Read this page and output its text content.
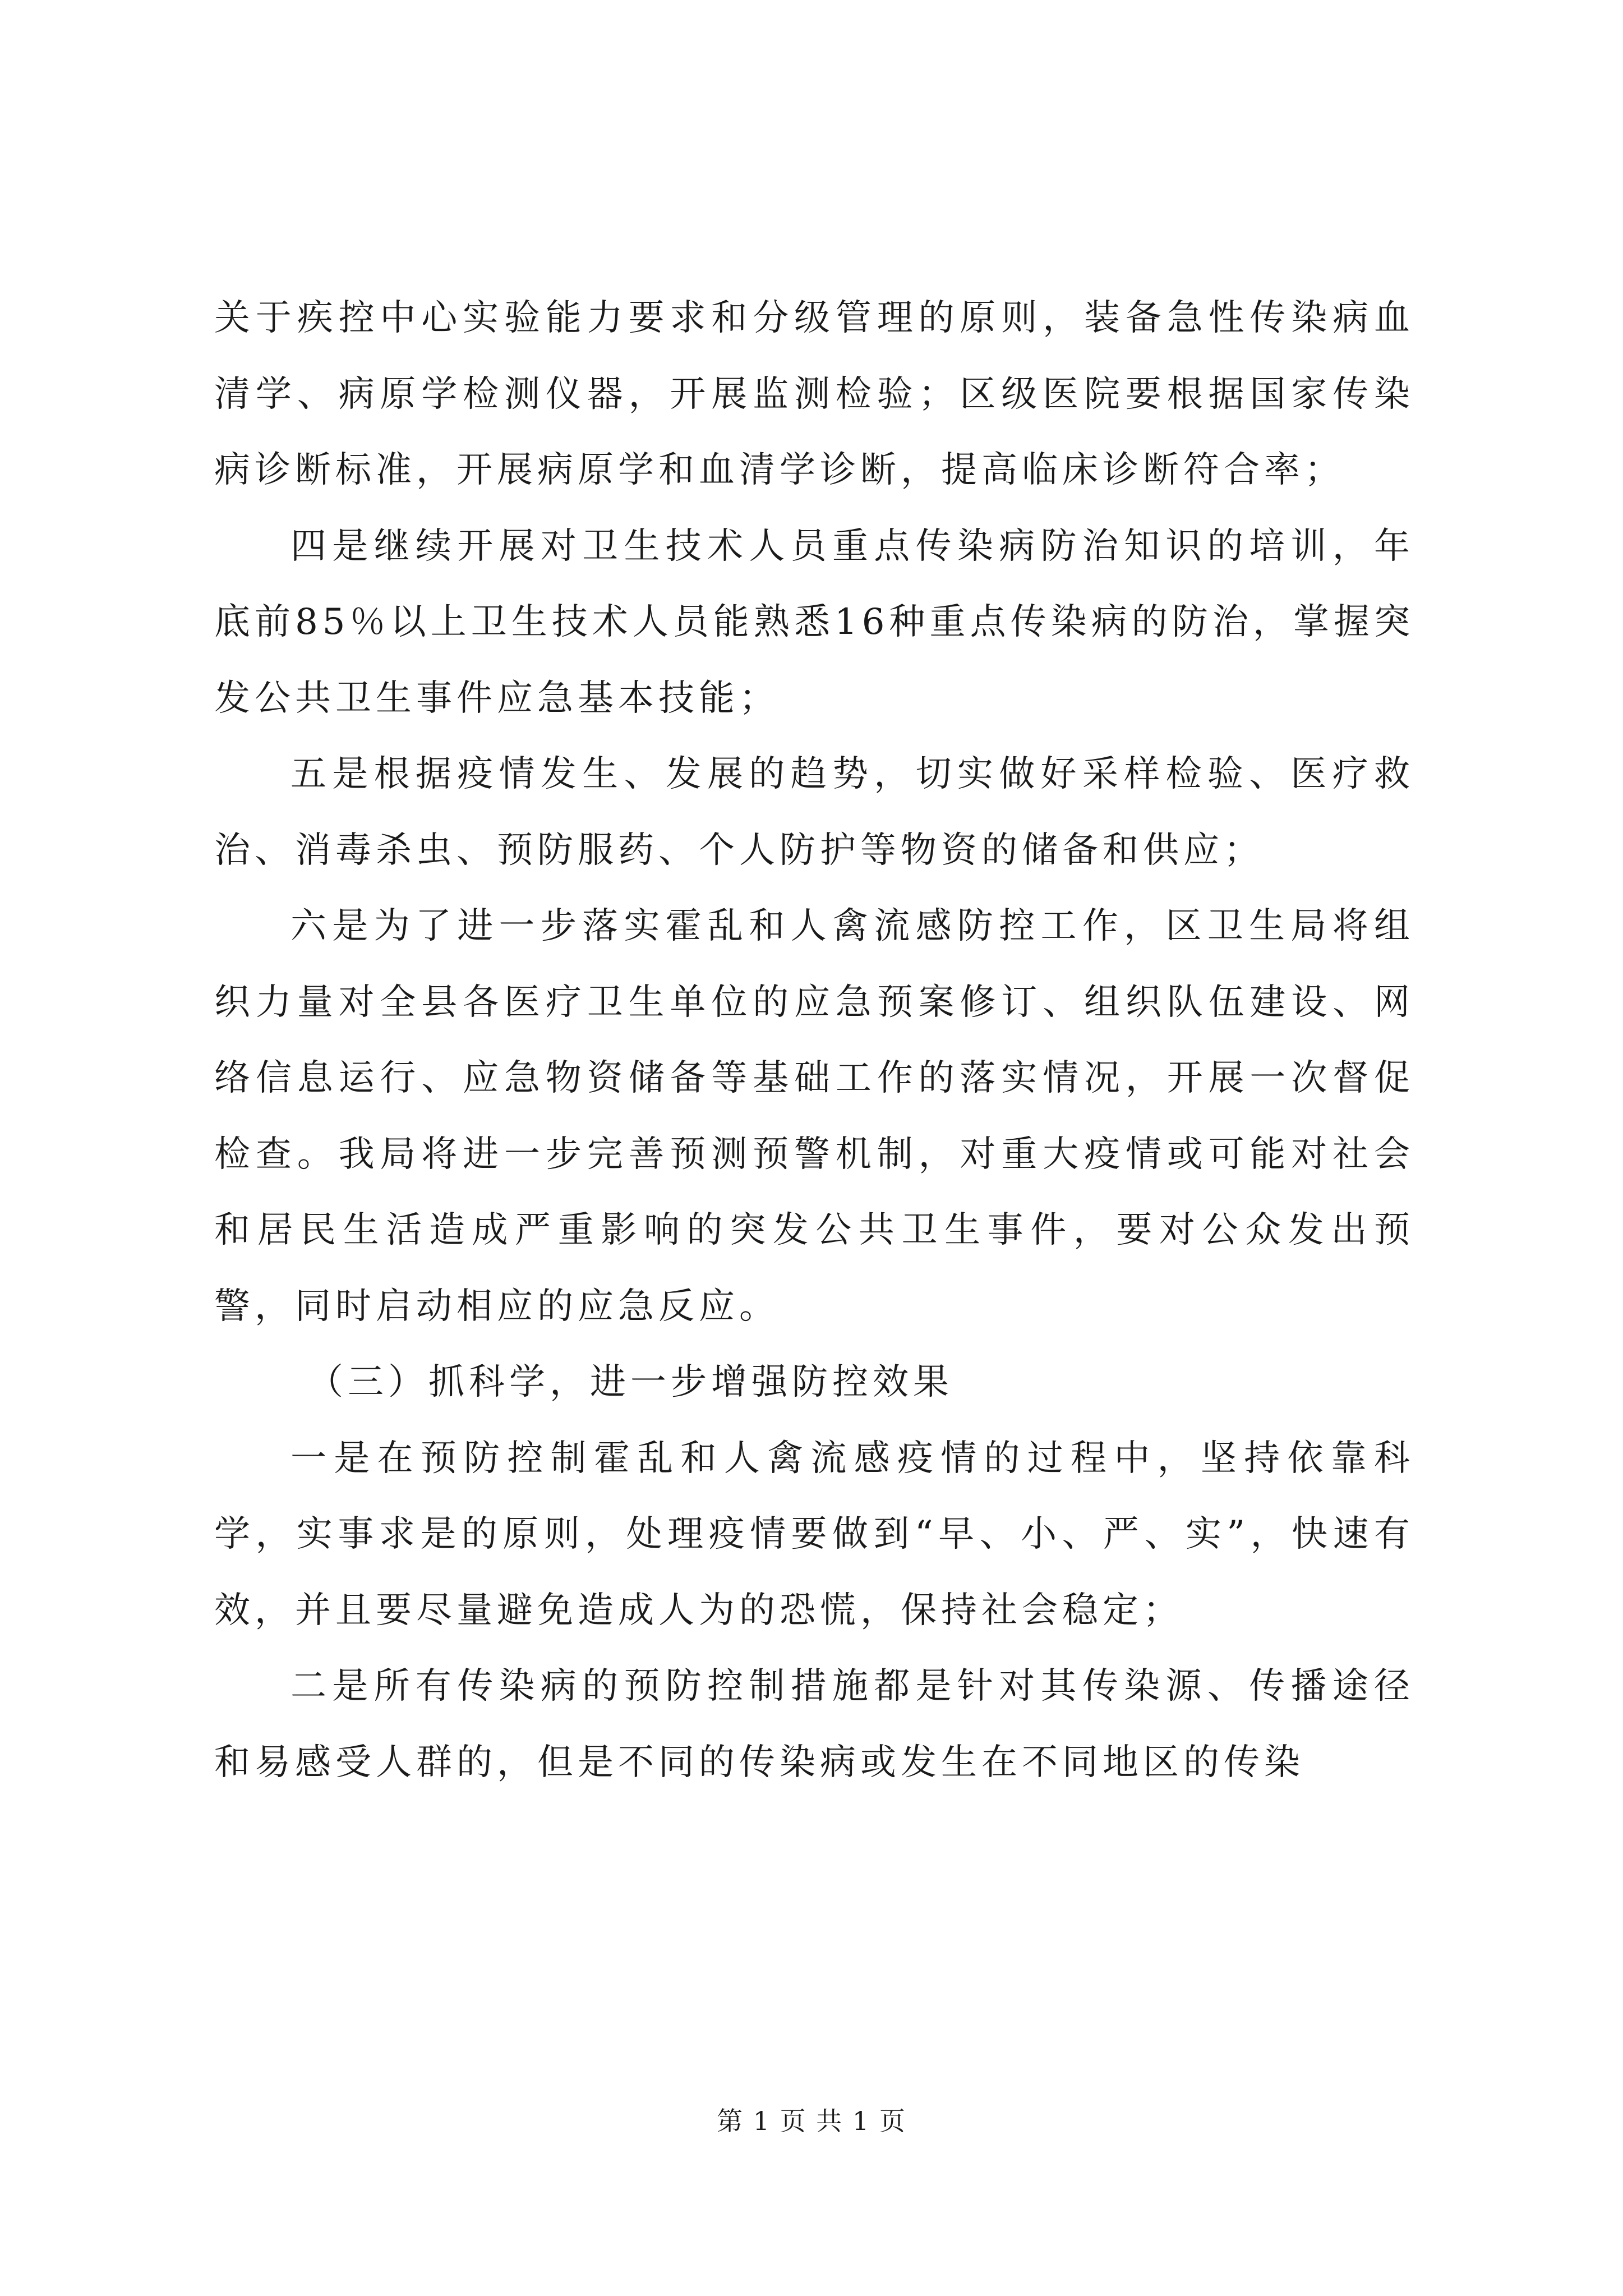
关于疾控中心实验能力要求和分级管理的原则，装备急性传染病血清学、病原学检测仪器，开展监测检验；区级医院要根据国家传染病诊断标准，开展病原学和血清学诊断，提高临床诊断符合率；

四是继续开展对卫生技术人员重点传染病防治知识的培训，年底前85％以上卫生技术人员能熟悉16种重点传染病的防治，掌握突发公共卫生事件应急基本技能；

五是根据疫情发生、发展的趋势，切实做好采样检验、医疗救治、消毒杀虫、预防服药、个人防护等物资的储备和供应；

六是为了进一步落实霍乱和人禽流感防控工作，区卫生局将组织力量对全县各医疗卫生单位的应急预案修订、组织队伍建设、网络信息运行、应急物资储备等基础工作的落实情况，开展一次督促检查。我局将进一步完善预测预警机制，对重大疫情或可能对社会和居民生活造成严重影响的突发公共卫生事件，要对公众发出预警，同时启动相应的应急反应。

（三）抓科学，进一步增强防控效果

一是在预防控制霍乱和人禽流感疫情的过程中，坚持依靠科学，实事求是的原则，处理疫情要做到“早、小、严、实”，快速有效，并且要尽量避免造成人为的恐慌，保持社会稳定；

二是所有传染病的预防控制措施都是针对其传染源、传播途径和易感受人群的，但是不同的传染病或发生在不同地区的传染

第 1 页 共 1 页
